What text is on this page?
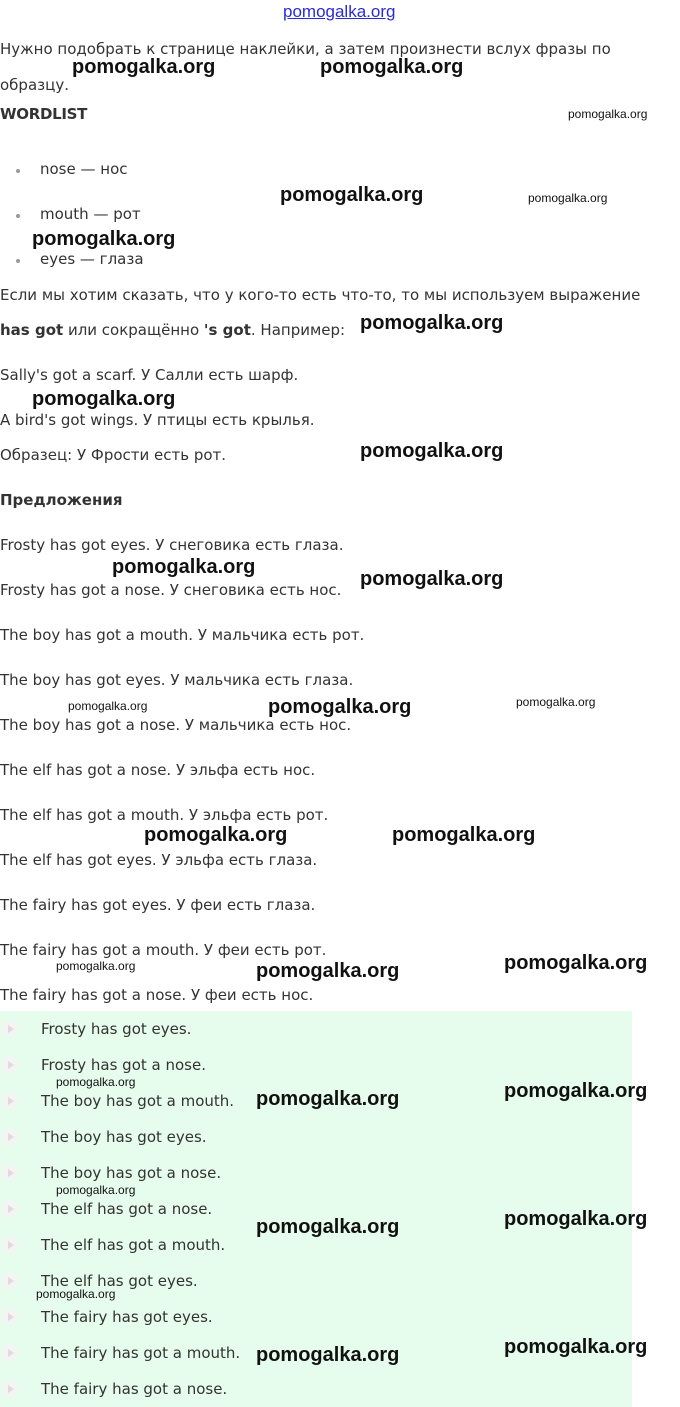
pomogalka.org
Нужно подобрать к странице наклейки, а затем произнести вслух фразы по образцу.
WORDLIST
nose — нос
mouth — рот
eyes — глаза
Если мы хотим сказать, что у кого-то есть что-то, то мы используем выражение
has got или сокращённо 's got. Например:
Sally's got a scarf. У Салли есть шарф.
A bird's got wings. У птицы есть крылья.
Образец: У Фрости есть рот.
Предложения
Frosty has got eyes. У снеговика есть глаза.
Frosty has got a nose. У снеговика есть нос.
The boy has got a mouth. У мальчика есть рот.
The boy has got eyes. У мальчика есть глаза.
The boy has got a nose. У мальчика есть нос.
The elf has got a nose. У эльфа есть нос.
The elf has got a mouth. У эльфа есть рот.
The elf has got eyes. У эльфа есть глаза.
The fairy has got eyes. У феи есть глаза.
The fairy has got a mouth. У феи есть рот.
The fairy has got a nose. У феи есть нос.
Frosty has got eyes.
Frosty has got a nose.
The boy has got a mouth.
The boy has got eyes.
The boy has got a nose.
The elf has got a nose.
The elf has got a mouth.
The elf has got eyes.
The fairy has got eyes.
The fairy has got a mouth.
The fairy has got a nose.
pomogalka.org	pomogalka.org
pomogalka.org
pomogalka.org	pomogalka.org
pomogalka.org
pomogalka.org
pomogalka.org
pomogalka.org
pomogalka.org
pomogalka.org
pomogalka.org	pomogalka.org	pomogalka.org
pomogalka.org	pomogalka.org
pomogalka.org	pomogalka.org	pomogalka.org
pomogalka.org
pomogalka.org	pomogalka.org
pomogalka.org
pomogalka.org	pomogalka.org
pomogalka.org
pomogalka.org	pomogalka.org
